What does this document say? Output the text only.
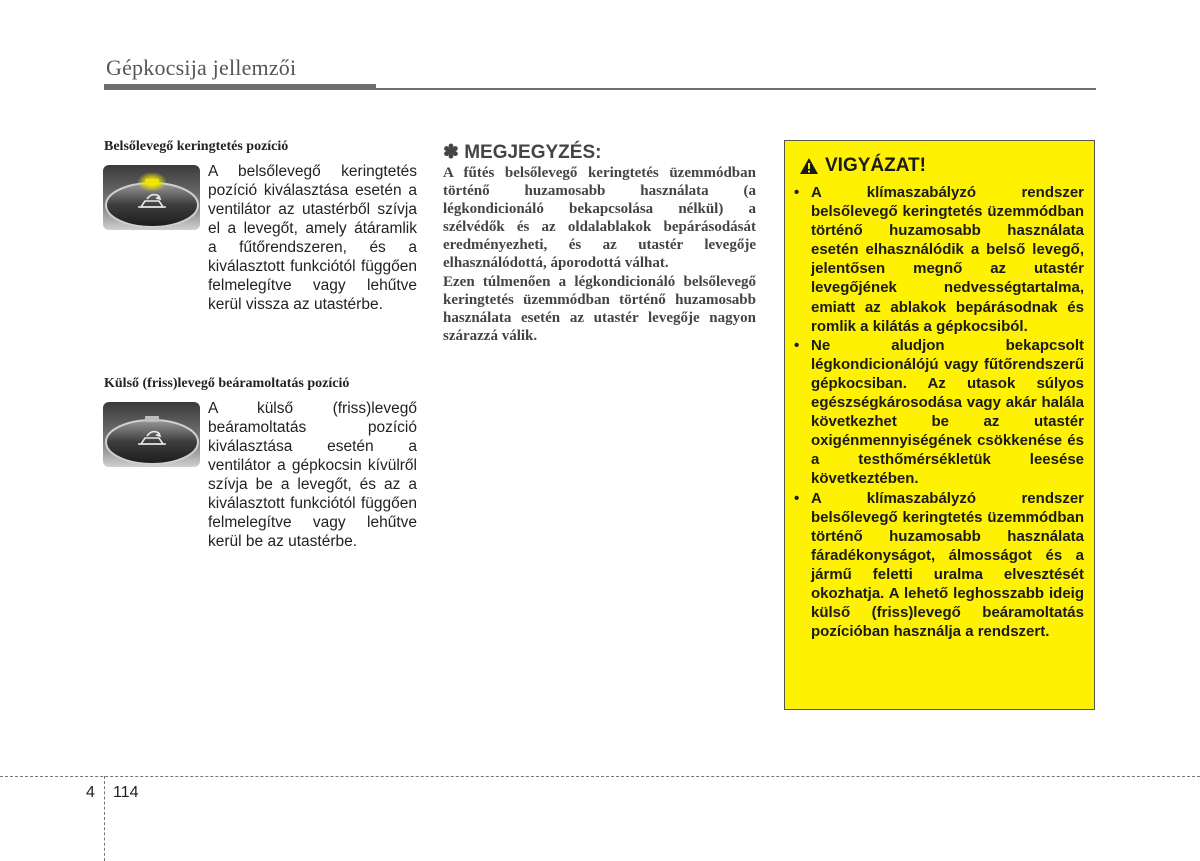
Gépkocsija jellemzői
Belsőlevegő keringtetés pozíció
A belsőlevegő keringtetés pozíció kiválasztása esetén a ventilátor az utastérből szívja el a levegőt, amely átáramlik a fűtőrendszeren, és a kiválasztott funkciótól függően felmelegítve vagy lehűtve kerül vissza az utastérbe.
Külső (friss)levegő beáramoltatás pozíció
A külső (friss)levegő beáramoltatás pozíció kiválasztása esetén a ventilátor a gépkocsin kívülről szívja be a levegőt, és az a kiválasztott funkciótól függően felmelegítve vagy lehűtve kerül be az utastérbe.
✽ MEGJEGYZÉS:

A fűtés belsőlevegő keringtetés üzemmódban történő huzamosabb használata (a légkondicionáló bekapcsolása nélkül) a szélvédők és az oldalablakok bepárásodását eredményezheti, és az utastér levegője elhasználódottá, áporodottá válhat.

Ezen túlmenően a légkondicionáló belsőlevegő keringtetés üzemmódban történő huzamosabb használata esetén az utastér levegője nagyon szárazzá válik.

VIGYÁZAT!
• A klímaszabályzó rendszer belsőlevegő keringtetés üzemmódban történő huzamosabb használata esetén elhasználódik a belső levegő, jelentősen megnő az utastér levegőjének nedvességtartalma, emiatt az ablakok bepárásodnak és romlik a kilátás a gépkocsiból.
• Ne aludjon bekapcsolt légkondicionálójú vagy fűtőrendszerű gépkocsiban. Az utasok súlyos egészségkárosodása vagy akár halála következhet be az utastér oxigénmennyiségének csökkenése és a testhőmérsékletük leesése következtében.
• A klímaszabályzó rendszer belsőlevegő keringtetés üzemmódban történő huzamosabb használata fáradékonyságot, álmosságot és a jármű feletti uralma elvesztését okozhatja. A lehető leghosszabb ideig külső (friss)levegő beáramoltatás pozícióban használja a rendszert.
4 114
